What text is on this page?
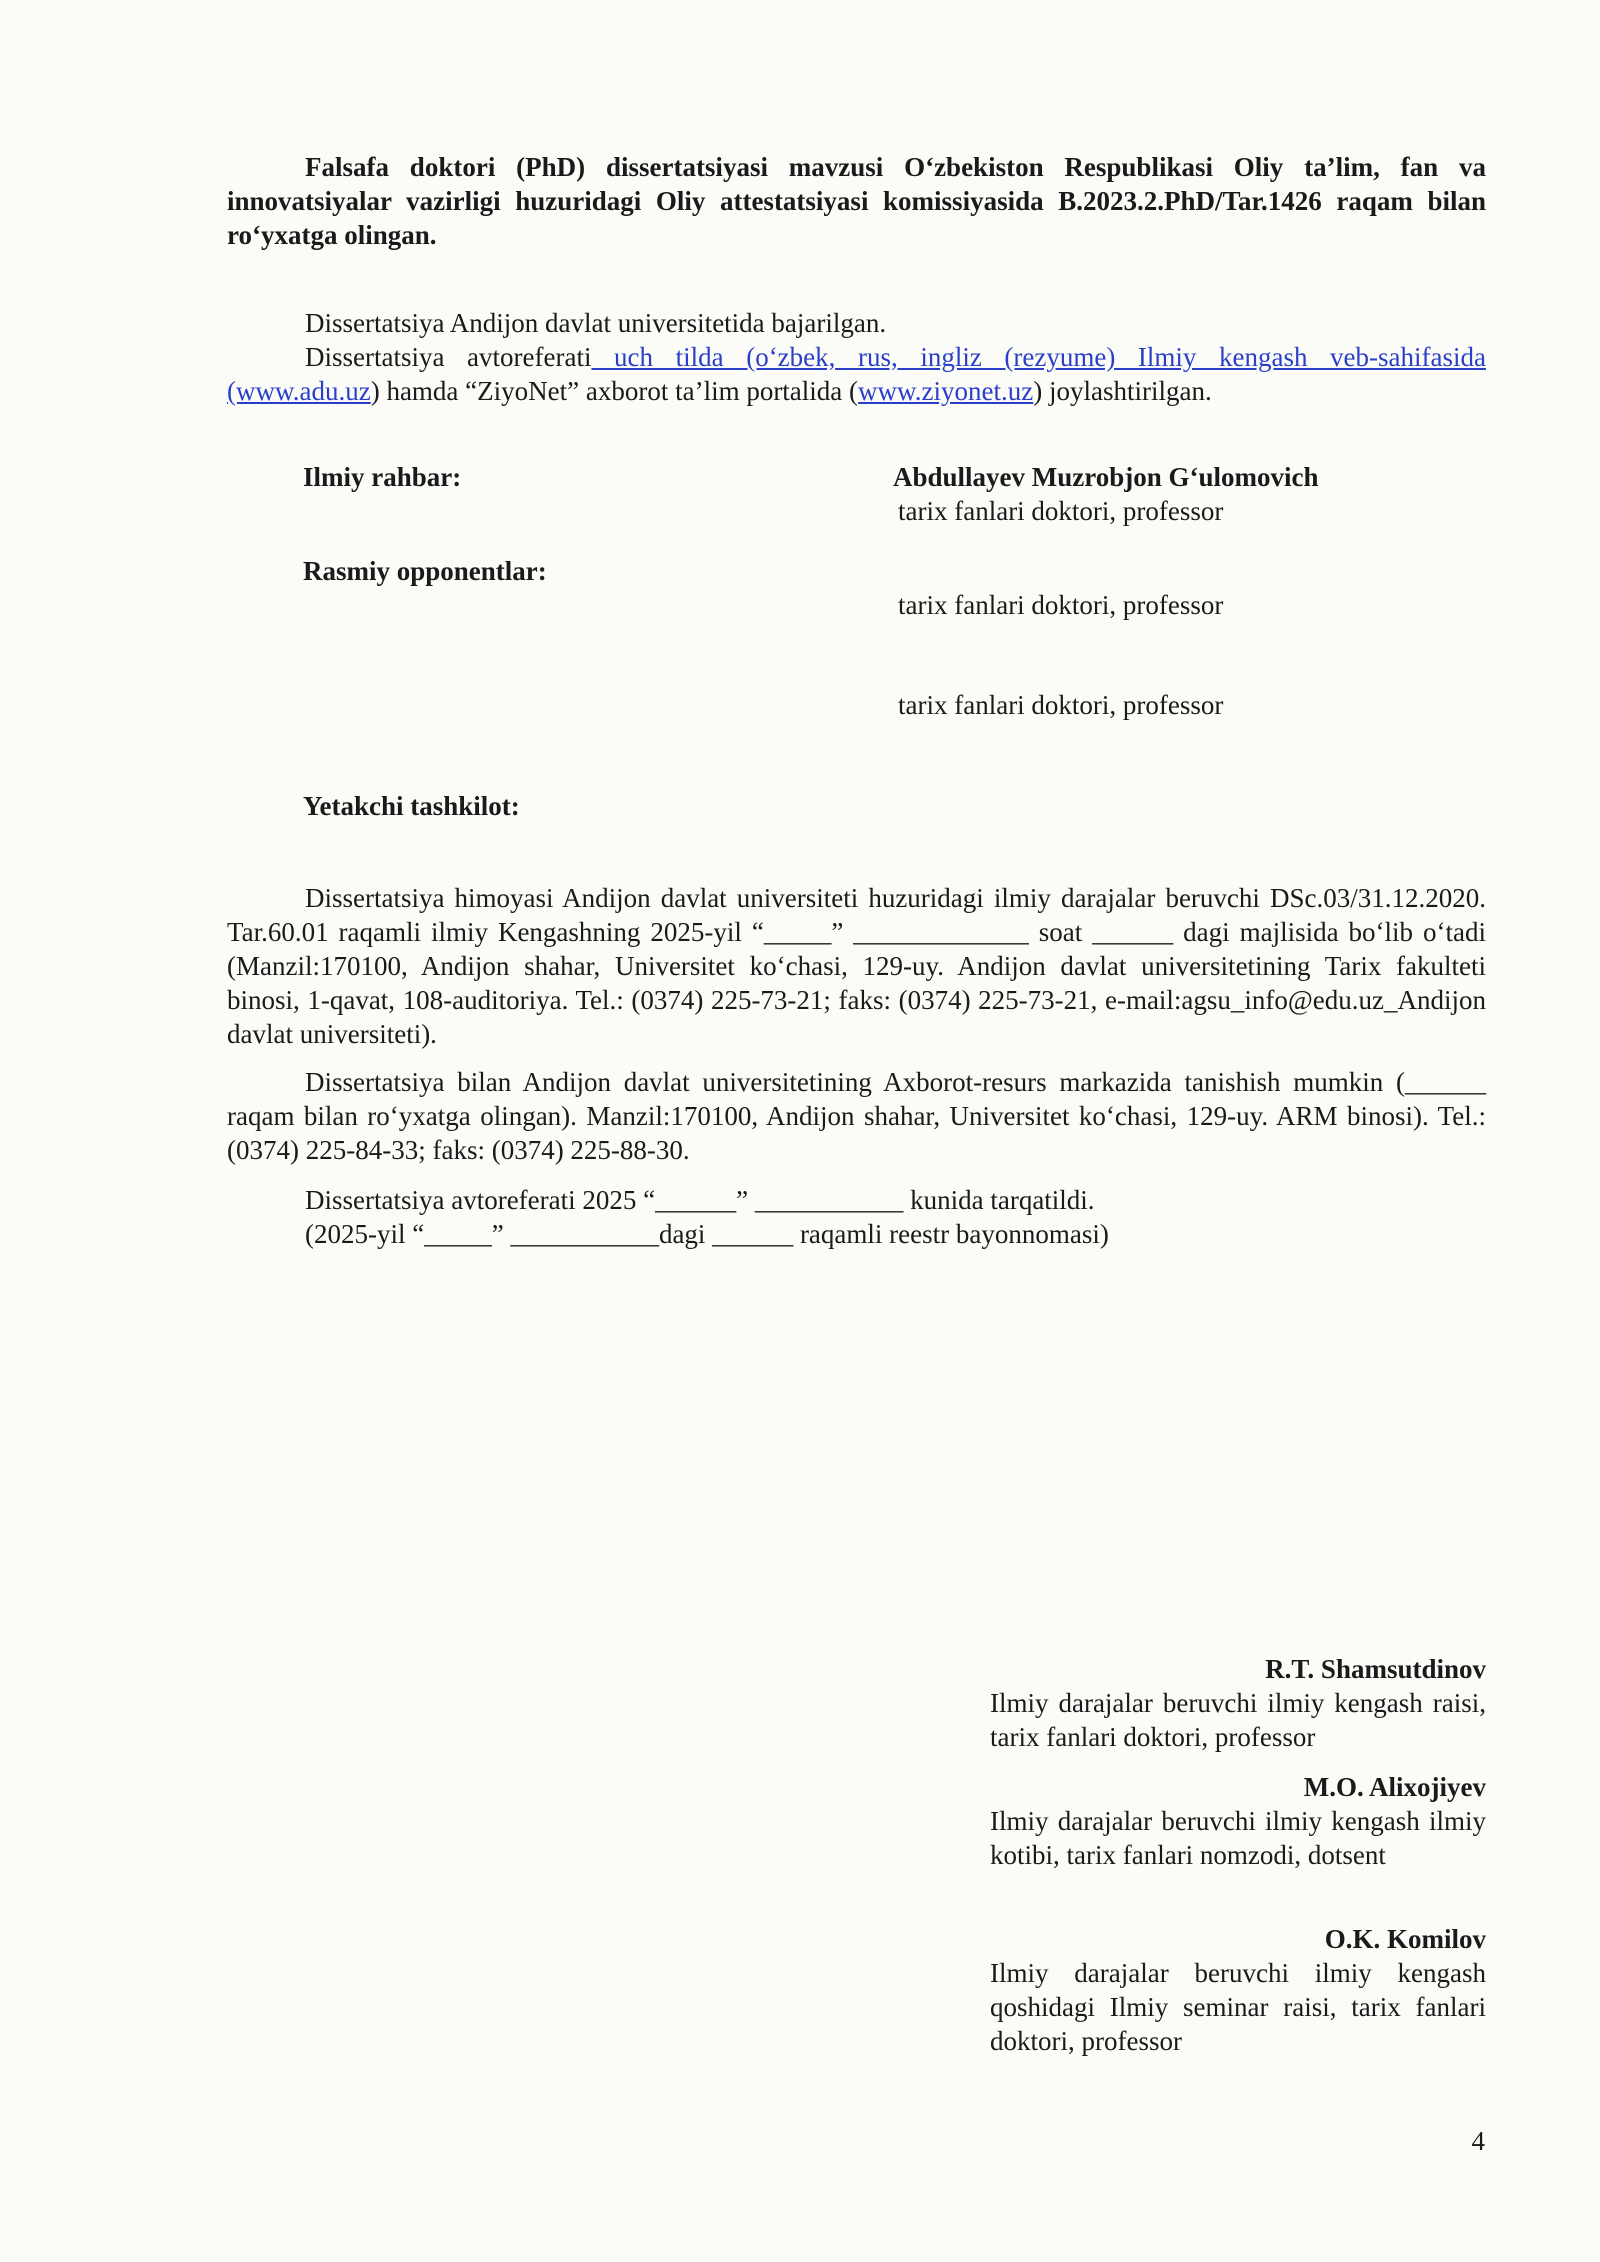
Falsafa doktori (PhD) dissertatsiyasi mavzusi O‘zbekiston Respublikasi Oliy ta’lim, fan va innovatsiyalar vazirligi huzuridagi Oliy attestatsiyasi komissiyasida B.2023.2.PhD/Tar.1426 raqam bilan ro‘yxatga olingan.
Dissertatsiya Andijon davlat universitetida bajarilgan.
Dissertatsiya avtoreferati uch tilda (o‘zbek, rus, ingliz (rezyume) Ilmiy kengash veb-sahifasida (www.adu.uz) hamda “ZiyoNet” axborot ta’lim portalida (www.ziyonet.uz) joylashtirilgan.
Ilmiy rahbar:	Abdullayev Muzrobjon G‘ulomovich
tarix fanlari doktori, professor
Rasmiy opponentlar:
tarix fanlari doktori, professor
tarix fanlari doktori, professor
Yetakchi tashkilot:
Dissertatsiya himoyasi Andijon davlat universiteti huzuridagi ilmiy darajalar beruvchi DSc.03/31.12.2020. Tar.60.01 raqamli ilmiy Kengashning 2025-yil “_____” _____________ soat ______ dagi majlisida bo‘lib o‘tadi (Manzil:170100, Andijon shahar, Universitet ko‘chasi, 129-uy. Andijon davlat universitetining Tarix fakulteti binosi, 1-qavat, 108-auditoriya. Tel.: (0374) 225-73-21; faks: (0374) 225-73-21, e-mail:agsu_info@edu.uz_Andijon davlat universiteti).
Dissertatsiya bilan Andijon davlat universitetining Axborot-resurs markazida tanishish mumkin (______ raqam bilan ro‘yxatga olingan). Manzil:170100, Andijon shahar, Universitet ko‘chasi, 129-uy. ARM binosi). Tel.: (0374) 225-84-33; faks: (0374) 225-88-30.
Dissertatsiya avtoreferati 2025 “______” ___________ kunida tarqatildi.
(2025-yil “_____” ___________dagi ______ raqamli reestr bayonnomasi)
R.T. Shamsutdinov
Ilmiy darajalar beruvchi ilmiy kengash raisi, tarix fanlari doktori, professor
M.O. Alixojiyev
Ilmiy darajalar beruvchi ilmiy kengash ilmiy kotibi, tarix fanlari nomzodi, dotsent
O.K. Komilov
Ilmiy darajalar beruvchi ilmiy kengash qoshidagi Ilmiy seminar raisi, tarix fanlari doktori, professor
4
